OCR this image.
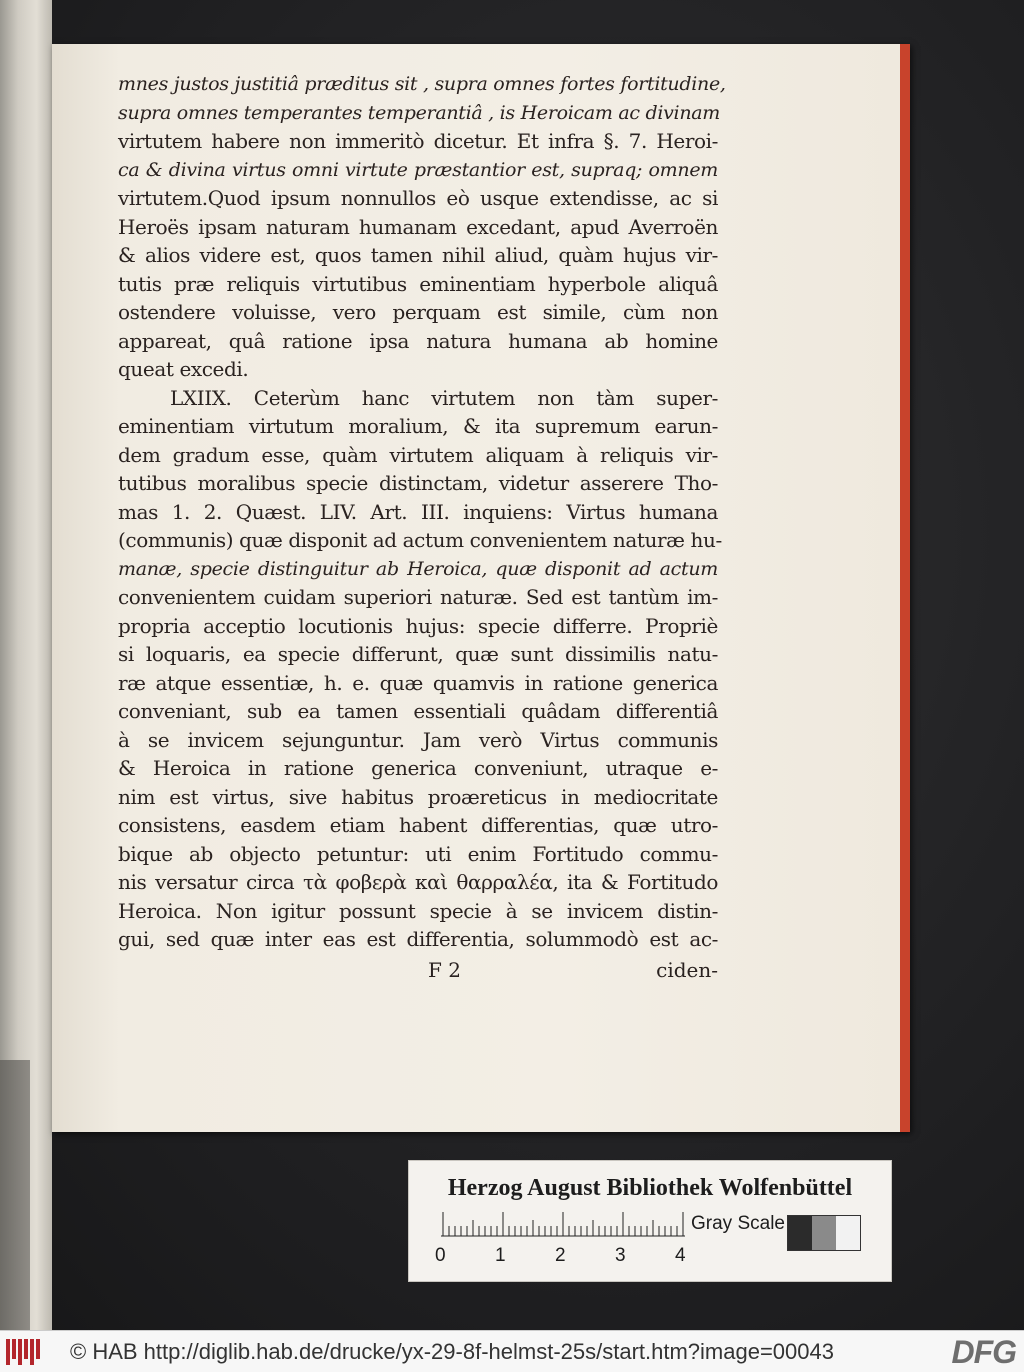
mnes justos justitiâ præditus sit , supra omnes fortes fortitudine,
supra omnes temperantes temperantiâ , is Heroicam ac divinam
virtutem habere non immeritò dicetur. Et infra §. 7. Heroi-
ca & divina virtus omni virtute præstantior est, supraq; omnem
virtutem.Quod ipsum nonnullos eò usque extendisse, ac si
Heroës ipsam naturam humanam excedant, apud Averroën
& alios videre est, quos tamen nihil aliud, quàm hujus vir-
tutis præ reliquis virtutibus eminentiam hyperbole aliquâ
ostendere voluisse, vero perquam est simile, cùm non
appareat, quâ ratione ipsa natura humana ab homine
queat excedi.
LXIIX. Ceterùm hanc virtutem non tàm super-
eminentiam virtutum moralium, & ita supremum earun-
dem gradum esse, quàm virtutem aliquam à reliquis vir-
tutibus moralibus specie distinctam, videtur asserere Tho-
mas 1. 2. Quæst. LIV. Art. III. inquiens: Virtus humana
(communis) quæ disponit ad actum convenientem naturæ hu-
manæ, specie distinguitur ab Heroica, quæ disponit ad actum
convenientem cuidam superiori naturæ. Sed est tantùm im-
propria acceptio locutionis hujus: specie differre. Propriè
si loquaris, ea specie differunt, quæ sunt dissimilis natu-
ræ atque essentiæ, h. e. quæ quamvis in ratione generica
conveniant, sub ea tamen essentiali quâdam differentiâ
à se invicem sejunguntur. Jam verò Virtus communis
& Heroica in ratione generica conveniunt, utraque e-
nim est virtus, sive habitus proæreticus in mediocritate
consistens, easdem etiam habent differentias, quæ utro-
bique ab objecto petuntur: uti enim Fortitudo commu-
nis versatur circa τὰ φοβερὰ καὶ θαρραλέα, ita & Fortitudo
Heroica. Non igitur possunt specie à se invicem distin-
gui, sed quæ inter eas est differentia, solummodò est ac-
F 2	ciden-
Herzog August Bibliothek Wolfenbüttel
0	1	2	3	4
Gray Scale
© HAB http://diglib.hab.de/drucke/yx-29-8f-helmst-25s/start.htm?image=00043	DFG
